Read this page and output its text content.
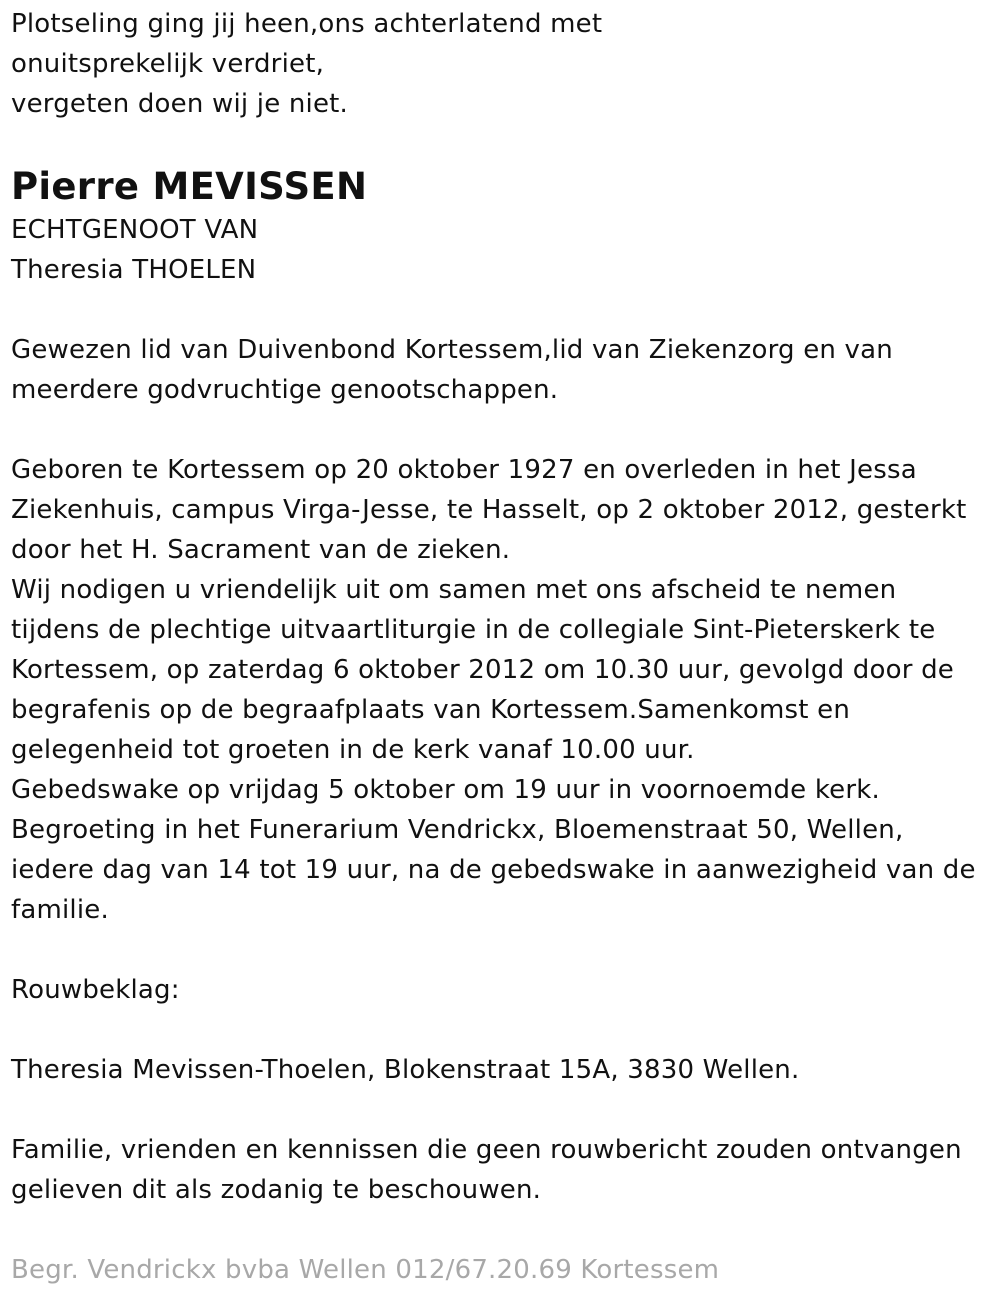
Plotseling ging jij heen,ons achterlatend met
onuitsprekelijk verdriet,
vergeten doen wij je niet.
Pierre MEVISSEN
ECHTGENOOT VAN
Theresia THOELEN
Gewezen lid van Duivenbond Kortessem,lid van Ziekenzorg en van
meerdere godvruchtige genootschappen.
Geboren te Kortessem op 20 oktober 1927 en overleden in het Jessa
Ziekenhuis, campus Virga-Jesse, te Hasselt, op 2 oktober 2012, gesterkt
door het H. Sacrament van de zieken.
Wij nodigen u vriendelijk uit om samen met ons afscheid te nemen
tijdens de plechtige uitvaartliturgie in de collegiale Sint-Pieterskerk te
Kortessem, op zaterdag 6 oktober 2012 om 10.30 uur, gevolgd door de
begrafenis op de begraafplaats van Kortessem.Samenkomst en
gelegenheid tot groeten in de kerk vanaf 10.00 uur.
Gebedswake op vrijdag 5 oktober om 19 uur in voornoemde kerk.
Begroeting in het Funerarium Vendrickx, Bloemenstraat 50, Wellen,
iedere dag van 14 tot 19 uur, na de gebedswake in aanwezigheid van de
familie.
Rouwbeklag:
Theresia Mevissen-Thoelen, Blokenstraat 15A, 3830 Wellen.
Familie, vrienden en kennissen die geen rouwbericht zouden ontvangen
gelieven dit als zodanig te beschouwen.
Begr. Vendrickx bvba Wellen 012/67.20.69 Kortessem
